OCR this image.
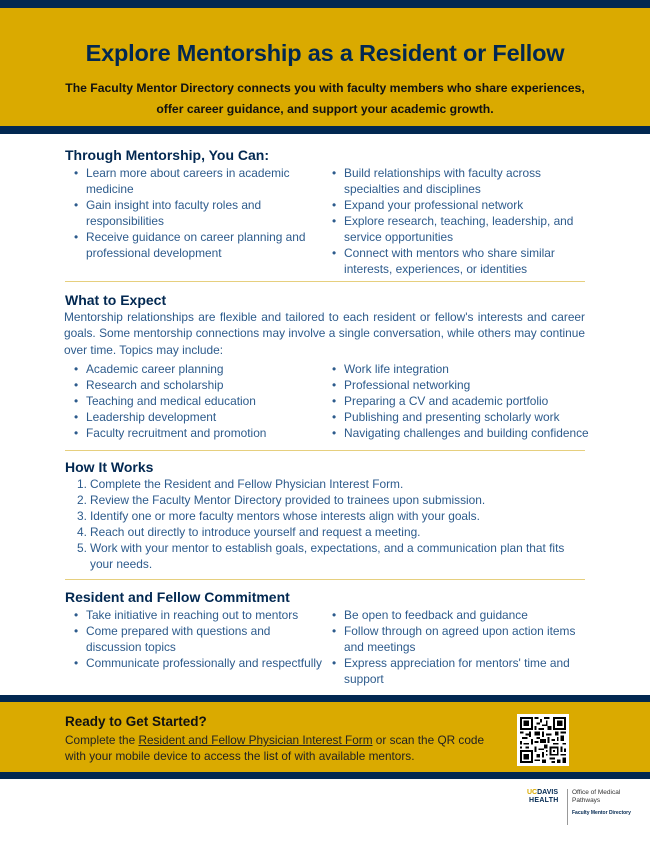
Explore Mentorship as a Resident or Fellow

The Faculty Mentor Directory connects you with faculty members who share experiences, offer career guidance, and support your academic growth.

Through Mentorship, You Can:
• Learn more about careers in academic medicine
• Gain insight into faculty roles and responsibilities
• Receive guidance on career planning and professional development
• Build relationships with faculty across specialties and disciplines
• Expand your professional network
• Explore research, teaching, leadership, and service opportunities
• Connect with mentors who share similar interests, experiences, or identities
What to Expect

Mentorship relationships are flexible and tailored to each resident or fellow's interests and career goals. Some mentorship connections may involve a single conversation, while others may continue over time. Topics may include:

• Academic career planning
• Research and scholarship
• Teaching and medical education
• Leadership development
• Faculty recruitment and promotion
• Work life integration
• Professional networking
• Preparing a CV and academic portfolio
• Publishing and presenting scholarly work
• Navigating challenges and building confidence
How It Works
1. Complete the Resident and Fellow Physician Interest Form.
2. Review the Faculty Mentor Directory provided to trainees upon submission.
3. Identify one or more faculty mentors whose interests align with your goals.
4. Reach out directly to introduce yourself and request a meeting.
5. Work with your mentor to establish goals, expectations, and a communication plan that fits your needs.
Resident and Fellow Commitment
• Take initiative in reaching out to mentors
• Come prepared with questions and discussion topics
• Communicate professionally and respectfully
• Be open to feedback and guidance
• Follow through on agreed upon action items and meetings
• Express appreciation for mentors' time and support
Ready to Get Started?

Complete the Resident and Fellow Physician Interest Form or scan the QR code with your mobile device to access the list of with available mentors.

UCDAVIS
HEALTH
Office of Medical Pathways
Faculty Mentor Directory
